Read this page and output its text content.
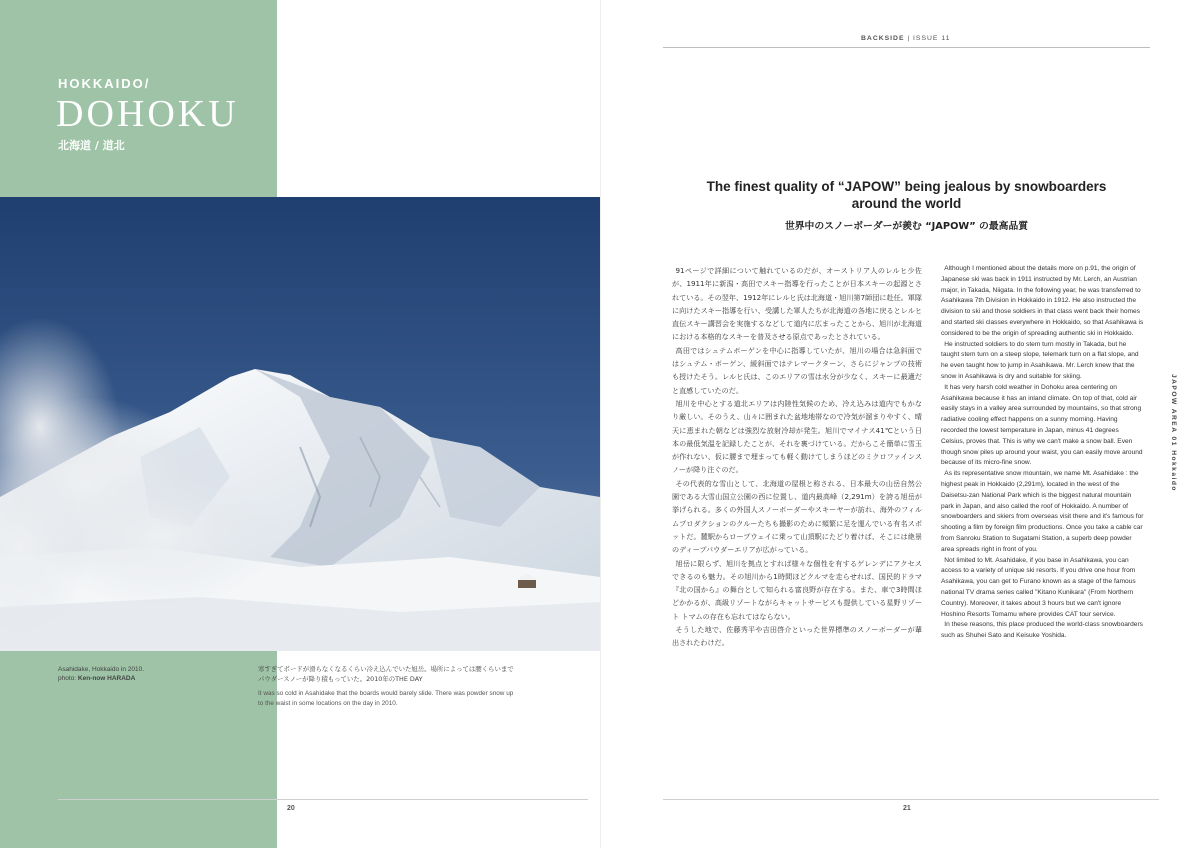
HOKKAIDO/
DOHOKU
北海道 / 道北
Asahidake, Hokkaido in 2010.
photo: Ken-now HARADA
寒すぎてボードが滑らなくなるくらい冷え込んでいた旭岳。場所によっては腰くらいまでパウダースノーが降り積もっていた。2010年のTHE DAY
It was so cold in Asahidake that the boards would barely slide. There was powder snow up to the waist in some locations on the day in 2010.
20
BACKSIDE | ISSUE 11
The finest quality of “JAPOW” being jealous by snowboarders around the world
世界中のスノーボーダーが羨む “JAPOW” の最高品質

91ページで詳細について触れているのだが、オーストリア人のレルヒ少佐が、1911年に新潟・高田でスキー指導を行ったことが日本スキーの起源とされている。その翌年、1912年にレルヒ氏は北海道・旭川第7師団に赴任。軍隊に向けたスキー指導を行い、受講した軍人たちが北海道の各地に戻るとレルヒ直伝スキー講習会を実施するなどして道内に広まったことから、旭川が北海道における本格的なスキーを普及させる原点であったとされている。

高田ではシュテムボーゲンを中心に指導していたが、旭川の場合は急斜面ではシュテム・ボーゲン、緩斜面ではテレマークターン、さらにジャンプの技術も授けたそう。レルヒ氏は、このエリアの雪は水分が少なく、スキーに最適だと直感していたのだ。

旭川を中心とする道北エリアは内陸性気候のため、冷え込みは道内でもかなり厳しい。そのうえ、山々に囲まれた盆地地帯なので冷気が溜まりやすく、晴天に恵まれた朝などは強烈な放射冷却が発生。旭川でマイナス41℃という日本の最低気温を記録したことが、それを裏づけている。だからこそ簡単に雪玉が作れない、仮に腰まで埋まっても軽く動けてしまうほどのミクロファインスノーが降り注ぐのだ。

その代表的な雪山として、北海道の屋根と称される、日本最大の山岳自然公園である大雪山国立公園の西に位置し、道内最高峰（2,291m）を誇る旭岳が挙げられる。多くの外国人スノーボーダーやスキーヤーが訪れ、海外のフィルムプロダクションのクルーたちも撮影のために頻繁に足を運んでいる有名スポットだ。麓駅からロープウェイに乗って山頂駅にたどり着けば、そこには絶景のディープパウダーエリアが広がっている。

旭岳に限らず、旭川を拠点とすれば様々な個性を有するゲレンデにアクセスできるのも魅力。その旭川から1時間ほどクルマを走らせれば、国民的ドラマ『北の国から』の舞台として知られる富良野が存在する。また、車で3時間ほどかかるが、高級リゾートながらキャットサービスも提供している星野リゾート トマムの存在も忘れてはならない。

そうした地で、佐藤秀平や吉田啓介といった世界標準のスノーボーダーが輩出されたわけだ。

Although I mentioned about the details more on p.91, the origin of Japanese ski was back in 1911 instructed by Mr. Lerch, an Austrian major, in Takada, Niigata. In the following year, he was transferred to Asahikawa 7th Division in Hokkaido in 1912. He also instructed the division to ski and those soldiers in that class went back their homes and started ski classes everywhere in Hokkaido, so that Asahikawa is considered to be the origin of spreading authentic ski in Hokkaido.

He instructed soldiers to do stem turn mostly in Takada, but he taught stem turn on a steep slope, telemark turn on a flat slope, and he even taught how to jump in Asahikawa. Mr. Lerch knew that the snow in Asahikawa is dry and suitable for skiing.

It has very harsh cold weather in Dohoku area centering on Asahikawa because it has an inland climate. On top of that, cold air easily stays in a valley area surrounded by mountains, so that strong radiative cooling effect happens on a sunny morning. Having recorded the lowest temperature in Japan, minus 41 degrees Celsius, proves that. This is why we can't make a snow ball. Even though snow piles up around your waist, you can easily move around because of its micro-fine snow.

As its representative snow mountain, we name Mt. Asahidake : the highest peak in Hokkaido (2,291m), located in the west of the Daisetsu-zan National Park which is the biggest natural mountain park in Japan, and also called the roof of Hokkaido. A number of snowboarders and skiers from overseas visit there and it's famous for shooting a film by foreign film productions. Once you take a cable car from Sanroku Station to Sugatami Station, a superb deep powder area spreads right in front of you.

Not limited to Mt. Asahidake, if you base in Asahikawa, you can access to a variety of unique ski resorts. If you drive one hour from Asahikawa, you can get to Furano known as a stage of the famous national TV drama series called "Kitano Kunikara" (From Northern Country). Moreover, it takes about 3 hours but we can't ignore Hoshino Resorts Tomamu where provides CAT tour service.

In these reasons, this place produced the world-class snowboarders such as Shuhei Sato and Keisuke Yoshida.

JAPOW AREA 01 Hokkaido
21
